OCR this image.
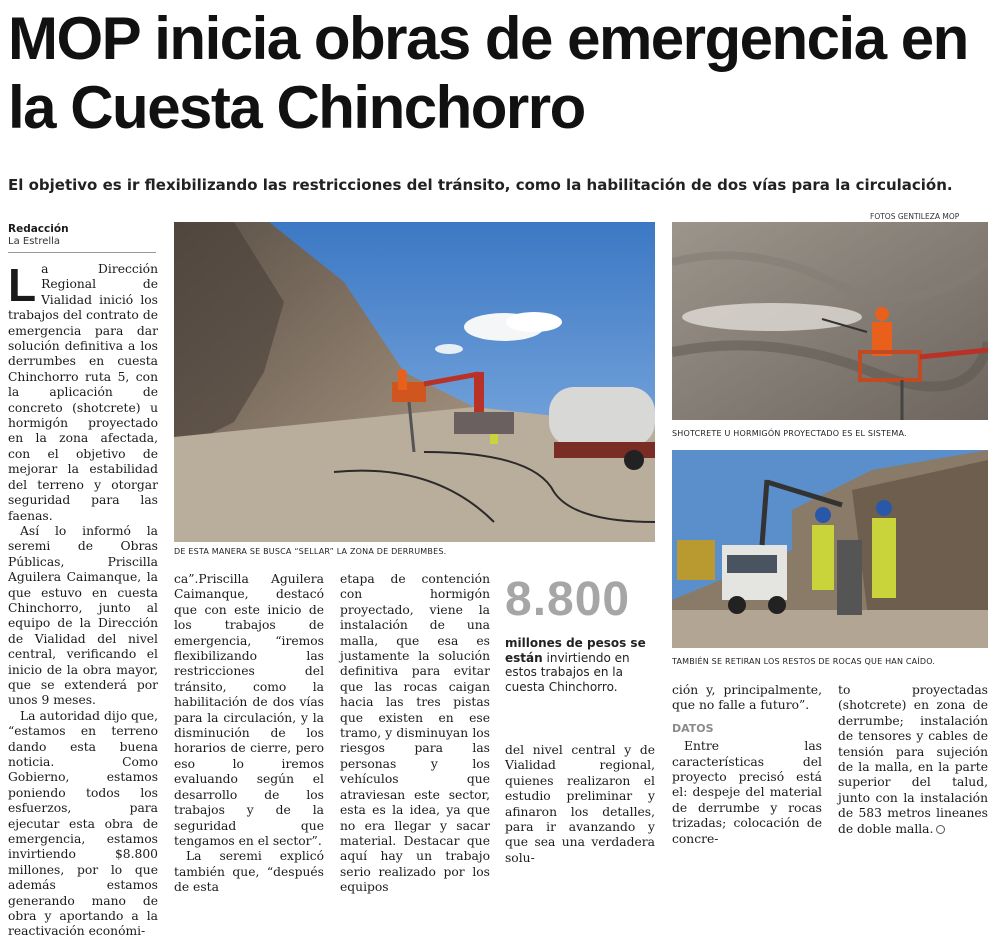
MOP inicia obras de emergencia en la Cuesta Chinchorro

El objetivo es ir flexibilizando las restricciones del tránsito, como la habilitación de dos vías para la circulación.

Redacción
La Estrella
FOTOS GENTILEZA MOP

La Dirección Regional de Vialidad inició los trabajos del contrato de emergencia para dar solución definitiva a los derrumbes en cuesta Chinchorro ruta 5, con la aplicación de concreto (shotcrete) u hormigón proyectado en la zona afectada, con el objetivo de mejorar la estabilidad del terreno y otorgar seguridad para las faenas.

Así lo informó la seremi de Obras Públicas, Priscilla Aguilera Caimanque, la que estuvo en cuesta Chinchorro, junto al equipo de la Dirección de Vialidad del nivel central, verificando el inicio de la obra mayor, que se extenderá por unos 9 meses.

La autoridad dijo que, “estamos en terreno dando esta buena noticia. Como Gobierno, estamos poniendo todos los esfuerzos, para ejecutar esta obra de emergencia, estamos invirtiendo $8.800 millones, por lo que además estamos generando mano de obra y aportando a la reactivación económi-

DE ESTA MANERA SE BUSCA “SELLAR” LA ZONA DE DERRUMBES.

ca”.Priscilla Aguilera Caimanque, destacó que con este inicio de los trabajos de emergencia, “iremos flexibilizando las restricciones del tránsito, como la habilitación de dos vías para la circulación, y la disminución de los horarios de cierre, pero eso lo iremos evaluando según el desarrollo de los trabajos y de la seguridad que tengamos en el sector”.

La seremi explicó también que, “después de esta

etapa de contención con hormigón proyectado, viene la instalación de una malla, que esa es justamente la solución definitiva para evitar que las rocas caigan hacia las tres pistas que existen en ese tramo, y disminuyan los riesgos para las personas y los vehículos que atraviesan este sector, esta es la idea, ya que no era llegar y sacar material. Destacar que aquí hay un trabajo serio realizado por los equipos

8.800
millones de pesos se están invirtiendo en estos trabajos en la cuesta Chinchorro.

del nivel central y de Vialidad regional, quienes realizaron el estudio preliminar y afinaron los detalles, para ir avanzando y que sea una verdadera solu-

SHOTCRETE U HORMIGÓN PROYECTADO ES EL SISTEMA.
TAMBIÉN SE RETIRAN LOS RESTOS DE ROCAS QUE HAN CAÍDO.

ción y, principalmente, que no falle a futuro”.

DATOS

Entre las características del proyecto precisó está el: despeje del material de derrumbe y rocas trizadas; colocación de concre-

to proyectadas (shotcrete) en zona de derrumbe; instalación de tensores y cables de tensión para sujeción de la malla, en la parte superior del talud, junto con la instalación de 583 metros lineanes de doble malla.
